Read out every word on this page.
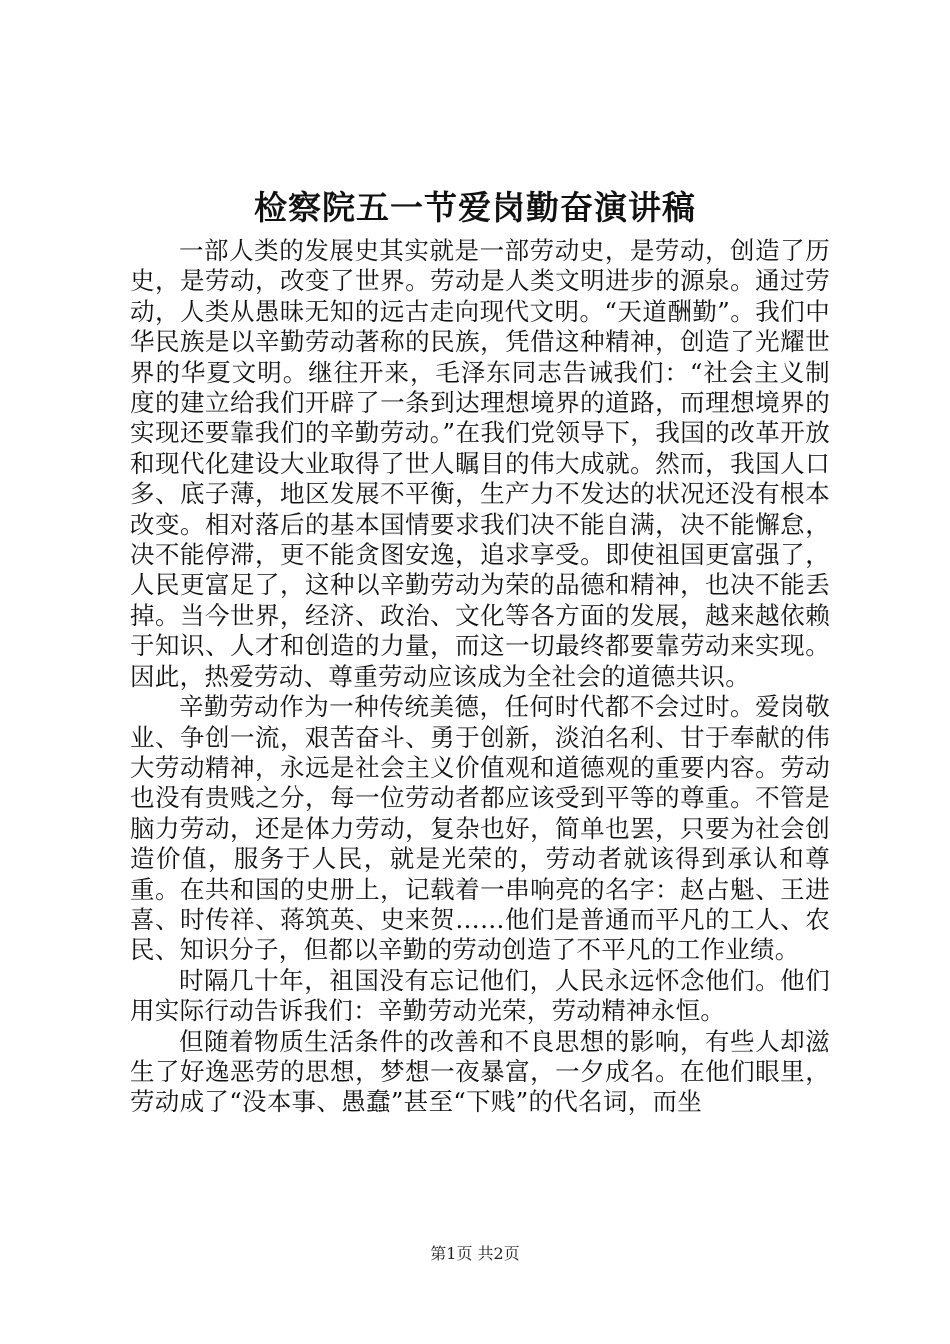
检察院五一节爱岗勤奋演讲稿

一部人类的发展史其实就是一部劳动史，是劳动，创造了历史，是劳动，改变了世界。劳动是人类文明进步的源泉。通过劳动，人类从愚昧无知的远古走向现代文明。“天道酬勤”。我们中华民族是以辛勤劳动著称的民族，凭借这种精神，创造了光耀世界的华夏文明。继往开来，毛泽东同志告诫我们：“社会主义制度的建立给我们开辟了一条到达理想境界的道路，而理想境界的实现还要靠我们的辛勤劳动。”在我们党领导下，我国的改革开放和现代化建设大业取得了世人瞩目的伟大成就。然而，我国人口多、底子薄，地区发展不平衡，生产力不发达的状况还没有根本改变。相对落后的基本国情要求我们决不能自满，决不能懈怠，决不能停滞，更不能贪图安逸，追求享受。即使祖国更富强了，人民更富足了，这种以辛勤劳动为荣的品德和精神，也决不能丢掉。当今世界，经济、政治、文化等各方面的发展，越来越依赖于知识、人才和创造的力量，而这一切最终都要靠劳动来实现。因此，热爱劳动、尊重劳动应该成为全社会的道德共识。

辛勤劳动作为一种传统美德，任何时代都不会过时。爱岗敬业、争创一流，艰苦奋斗、勇于创新，淡泊名利、甘于奉献的伟大劳动精神，永远是社会主义价值观和道德观的重要内容。劳动也没有贵贱之分，每一位劳动者都应该受到平等的尊重。不管是脑力劳动，还是体力劳动，复杂也好，简单也罢，只要为社会创造价值，服务于人民，就是光荣的，劳动者就该得到承认和尊重。在共和国的史册上，记载着一串响亮的名字：赵占魁、王进喜、时传祥、蒋筑英、史来贺……他们是普通而平凡的工人、农民、知识分子，但都以辛勤的劳动创造了不平凡的工作业绩。

时隔几十年，祖国没有忘记他们，人民永远怀念他们。他们用实际行动告诉我们：辛勤劳动光荣，劳动精神永恒。

但随着物质生活条件的改善和不良思想的影响，有些人却滋生了好逸恶劳的思想，梦想一夜暴富，一夕成名。在他们眼里，劳动成了“没本事、愚蠢”甚至“下贱”的代名词，而坐

第1页 共2页
